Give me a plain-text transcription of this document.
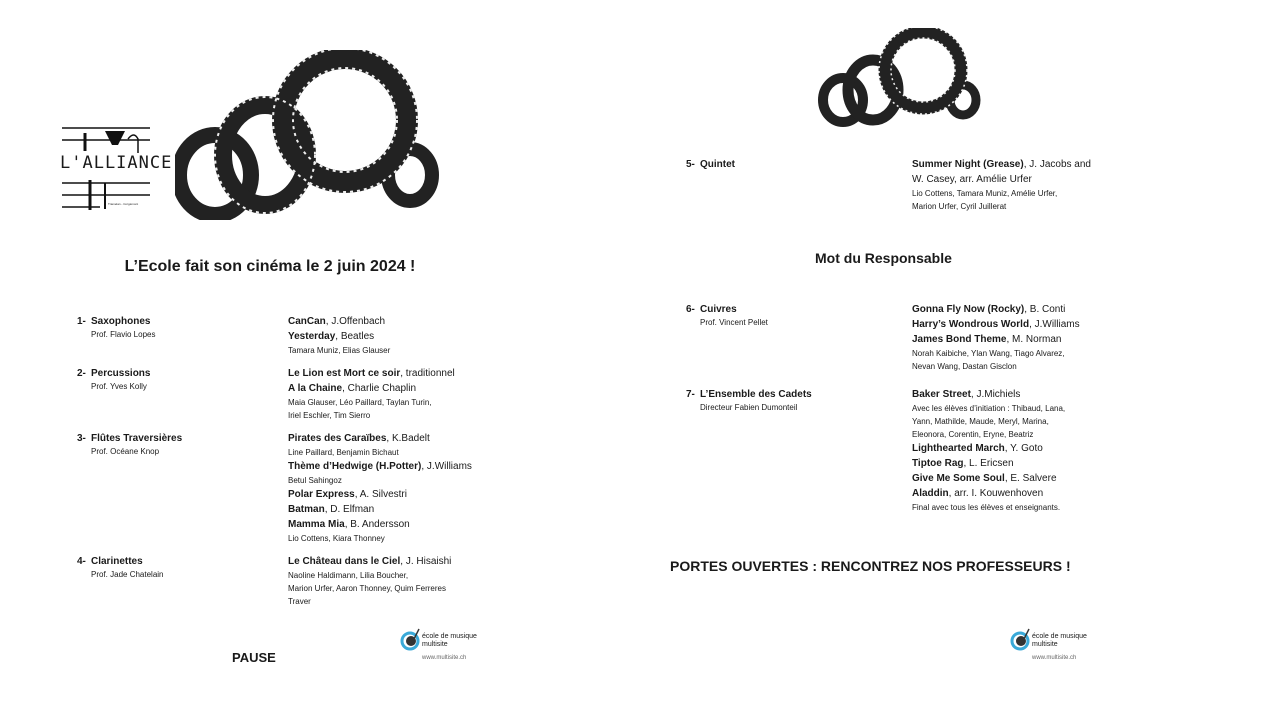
L'ALLIANCE
Tramelan - Corgémont
L’Ecole fait son cinéma le 2 juin 2024 !
1- Saxophones
Prof. Flavio Lopes
CanCan, J.Offenbach
Yesterday, Beatles
Tamara Muniz, Elias Glauser
2- Percussions
Prof. Yves Kolly
Le Lion est Mort ce soir, traditionnel
A la Chaine, Charlie Chaplin
Maia Glauser, Léo Paillard, Taylan Turin,
Iriel Eschler, Tim Sierro
3- Flûtes Traversières
Prof. Océane Knop
Pirates des Caraïbes, K.Badelt
Line Paillard, Benjamin Bichaut
Thème d’Hedwige (H.Potter), J.Williams
Betul Sahingoz
Polar Express, A. Silvestri
Batman, D. Elfman
Mamma Mia, B. Andersson
Lio Cottens, Kiara Thonney
4- Clarinettes
Prof. Jade Chatelain
Le Château dans le Ciel, J. Hisaishi
Naoline Haldimann, Lilia Boucher,
Marion Urfer, Aaron Thonney, Quim Ferreres
Traver
PAUSE
école de musique
multisite
www.multisite.ch
5- Quintet	Summer Night (Grease), J. Jacobs and
W. Casey, arr. Amélie Urfer
Lio Cottens, Tamara Muniz, Amélie Urfer,
Marion Urfer, Cyril Juillerat
Mot du Responsable
6- Cuivres
Prof. Vincent Pellet
Gonna Fly Now (Rocky), B. Conti
Harry’s Wondrous World, J.Williams
James Bond Theme, M. Norman
Norah Kaibiche, Ylan Wang, Tiago Alvarez,
Nevan Wang, Dastan Gisclon
7- L’Ensemble des Cadets
Directeur Fabien Dumonteil
Baker Street, J.Michiels
Avec les élèves d’initiation : Thibaud, Lana,
Yann, Mathilde, Maude, Meryl, Marina,
Eleonora, Corentin, Eryne, Beatriz
Lighthearted March, Y. Goto
Tiptoe Rag, L. Ericsen
Give Me Some Soul, E. Salvere
Aladdin, arr. I. Kouwenhoven
Final avec tous les élèves et enseignants.
PORTES OUVERTES : RENCONTREZ NOS PROFESSEURS !
école de musique
multisite
www.multisite.ch
